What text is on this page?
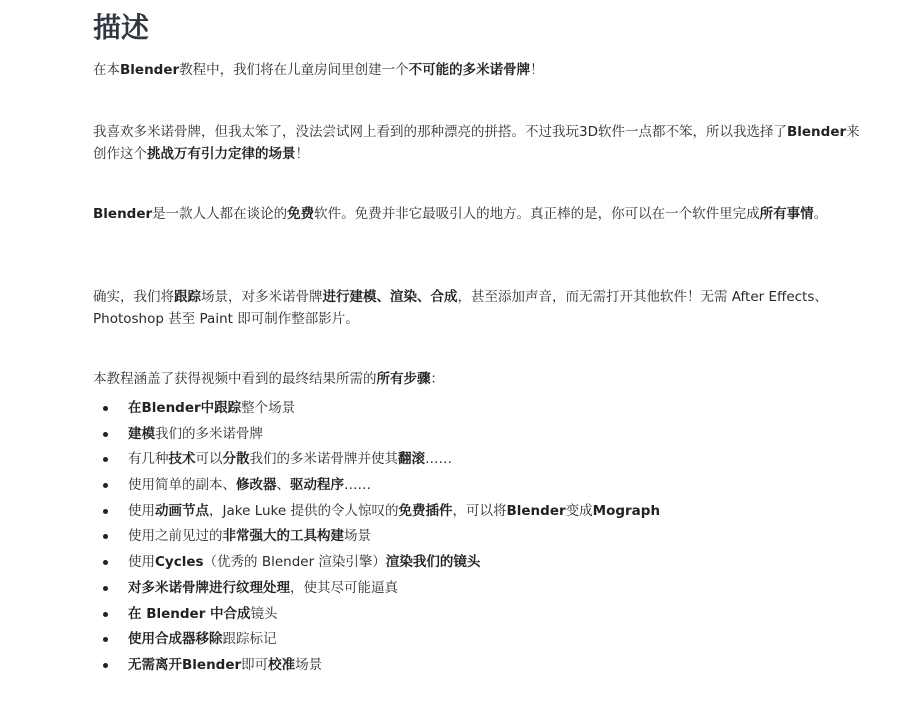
描述

在本Blender教程中，我们将在儿童房间里创建一个不可能的多米诺骨牌！

我喜欢多米诺骨牌，但我太笨了，没法尝试网上看到的那种漂亮的拼搭。不过我玩3D软件一点都不笨，所以我选择了Blender来创作这个挑战万有引力定律的场景！

Blender是一款人人都在谈论的免费软件。免费并非它最吸引人的地方。真正棒的是，你可以在一个软件里完成所有事情。

确实，我们将跟踪场景，对多米诺骨牌进行建模、渲染、合成，甚至添加声音，而无需打开其他软件！无需 After Effects、Photoshop 甚至 Paint 即可制作整部影片。

本教程涵盖了获得视频中看到的最终结果所需的所有步骤：

在Blender中跟踪整个场景
建模我们的多米诺骨牌
有几种技术可以分散我们的多米诺骨牌并使其翻滚……
使用简单的副本、修改器、驱动程序……
使用动画节点，Jake Luke 提供的令人惊叹的免费插件，可以将Blender变成Mograph
使用之前见过的非常强大的工具构建场景
使用Cycles（优秀的 Blender 渲染引擎）渲染我们的镜头
对多米诺骨牌进行纹理处理，使其尽可能逼真
在 Blender 中合成镜头
使用合成器移除跟踪标记
无需离开Blender即可校准场景
